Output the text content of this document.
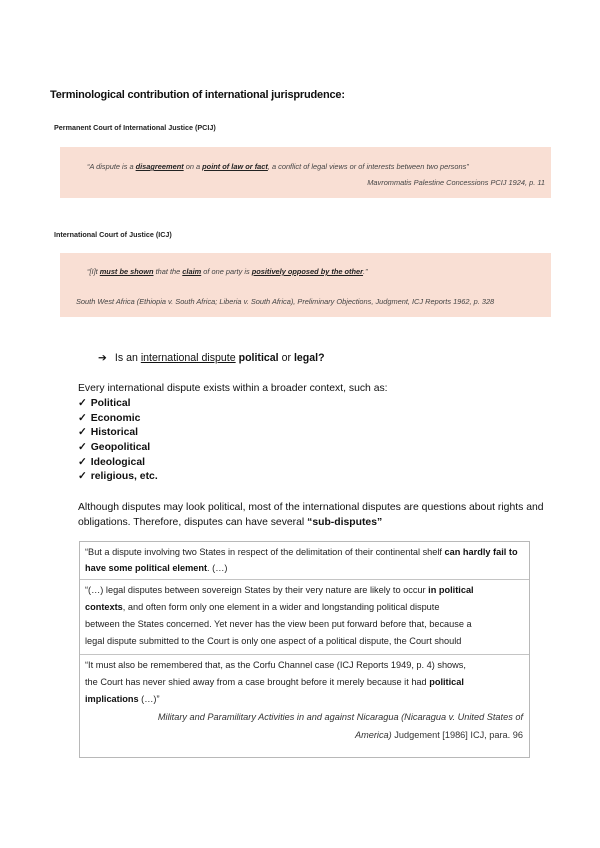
Terminological contribution of international jurisprudence:
Permanent Court of International Justice (PCIJ)
“A dispute is a disagreement on a point of law or fact, a conflict of legal views or of interests between two persons”
Mavrommatis Palestine Concessions PCIJ 1924, p. 11
International Court of Justice (ICJ)
“[I]t must be shown that the claim of one party is positively opposed by the other.”
South West Africa (Ethiopia v. South Africa; Liberia v. South Africa), Preliminary Objections, Judgment, ICJ Reports 1962, p. 328
➔ Is an international dispute political or legal?
Every international dispute exists within a broader context, such as:
✓ Political
✓ Economic
✓ Historical
✓ Geopolitical
✓ Ideological
✓ religious, etc.
Although disputes may look political, most of the international disputes are questions about rights and obligations. Therefore, disputes can have several “sub-disputes”
“But a dispute involving two States in respect of the delimitation of their continental shelf can hardly fail to
have some political element. (…)
“(…) legal disputes between sovereign States by their very nature are likely to occur in political
contexts, and often form only one element in a wider and longstanding political dispute
between the States concerned. Yet never has the view been put forward before that, because a
legal dispute submitted to the Court is only one aspect of a political dispute, the Court should
“It must also be remembered that, as the Corfu Channel case (ICJ Reports 1949, p. 4) shows,
the Court has never shied away from a case brought before it merely because it had political
implications (…)”
Military and Paramilitary Activities in and against Nicaragua (Nicaragua v. United States of
America) Judgement [1986] ICJ, para. 96
